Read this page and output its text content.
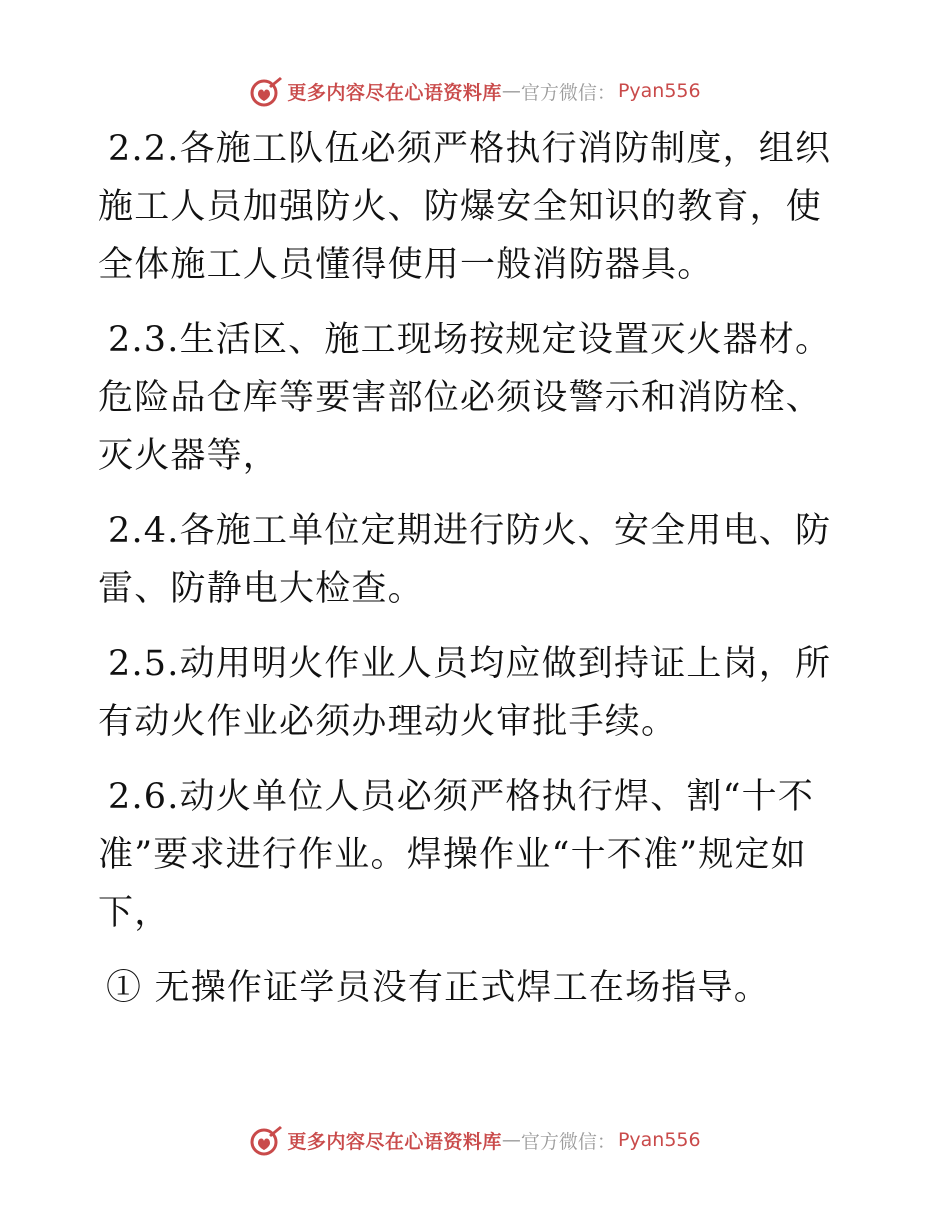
更多内容尽在心语资料库 — 官方微信： Pyan556

2.2.各施工队伍必须严格执行消防制度，组织施工人员加强防火、防爆安全知识的教育，使全体施工人员懂得使用一般消防器具。

2.3.生活区、施工现场按规定设置灭火器材。危险品仓库等要害部位必须设警示和消防栓、灭火器等，

2.4.各施工单位定期进行防火、安全用电、防雷、防静电大检查。

2.5.动用明火作业人员均应做到持证上岗，所有动火作业必须办理动火审批手续。

2.6.动火单位人员必须严格执行焊、割“十不准”要求进行作业。焊操作业“十不准”规定如下，

① 无操作证学员没有正式焊工在场指导。

更多内容尽在心语资料库 — 官方微信： Pyan556
